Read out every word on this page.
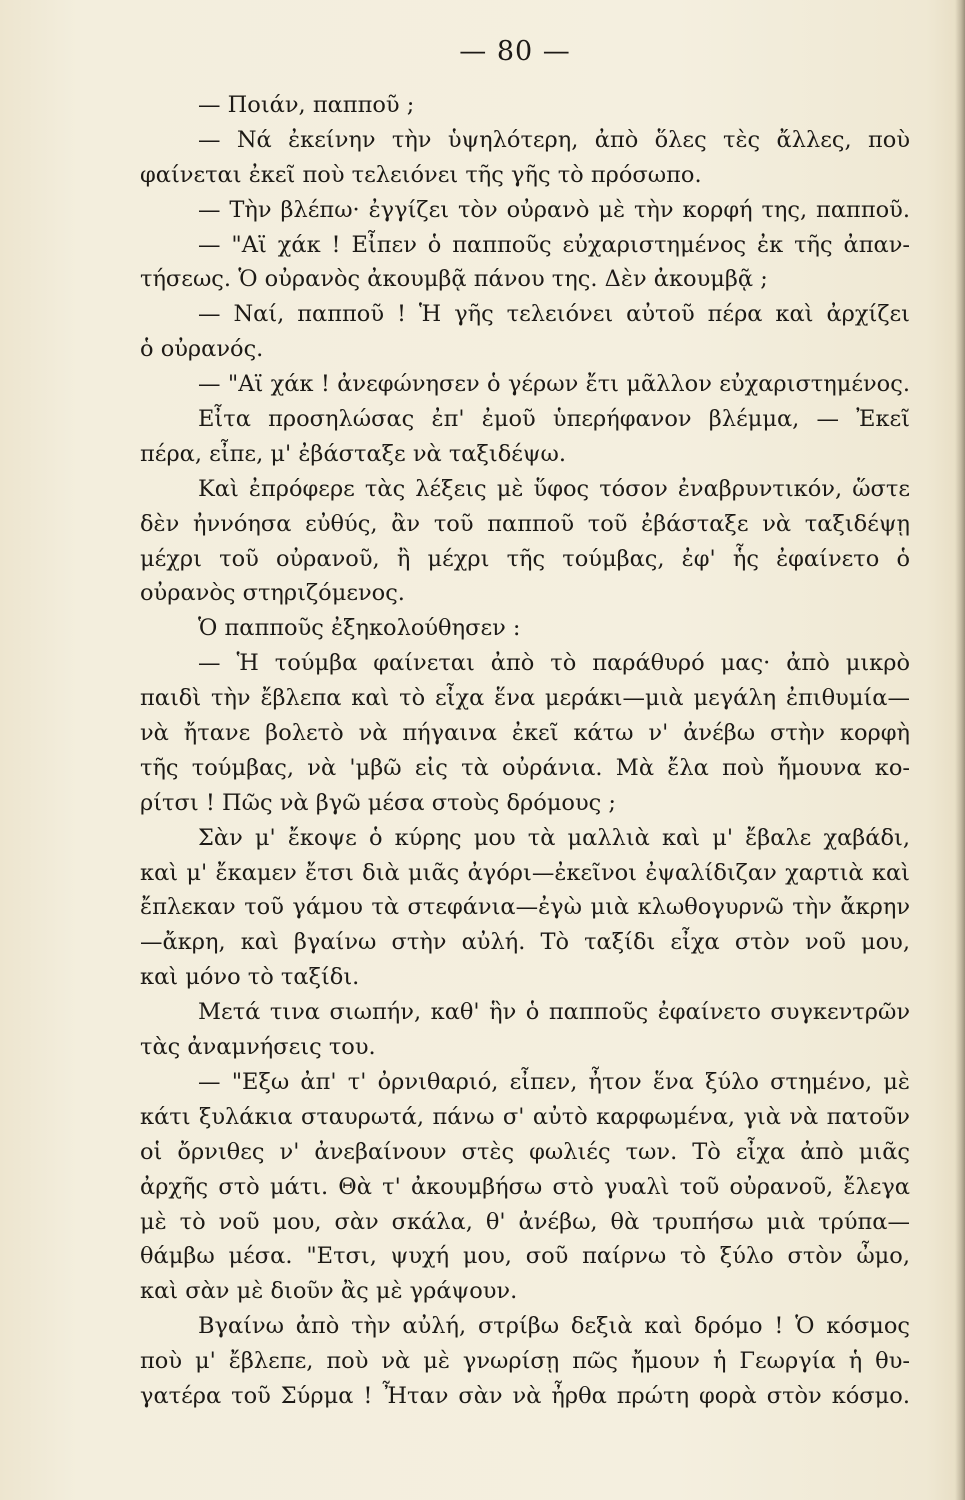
— 80 —
— Ποιάν, παπποῦ ;
— Νά ἐκείνην τὴν ὑψηλότερη, ἀπὸ ὅλες τὲς ἄλλες, ποὺ
φαίνεται ἐκεῖ ποὺ τελειόνει τῆς γῆς τὸ πρόσωπο.
— Τὴν βλέπω· ἐγγίζει τὸν οὐρανὸ μὲ τὴν κορφή της, παπποῦ.
— "Αϊ χάκ ! Εἶπεν ὁ παπποῦς εὐχαριστημένος ἐκ τῆς ἀπαν-
τήσεως. Ὁ οὐρανὸς ἀκουμβᾷ πάνου της. Δὲν ἀκουμβᾷ ;
— Ναί, παπποῦ ! Ἡ γῆς τελειόνει αὐτοῦ πέρα καὶ ἀρχίζει
ὁ οὐρανός.
— "Αϊ χάκ ! ἀνεφώνησεν ὁ γέρων ἔτι μᾶλλον εὐχαριστημένος.
Εἶτα προσηλώσας ἐπ' ἐμοῦ ὑπερήφανον βλέμμα, — Ἐκεῖ
πέρα, εἶπε, μ' ἐβάσταξε νὰ ταξιδέψω.
Καὶ ἐπρόφερε τὰς λέξεις μὲ ὕφος τόσον ἐναβρυντικόν, ὥστε
δὲν ἠννόησα εὐθύς, ἂν τοῦ παπποῦ τοῦ ἐβάσταξε νὰ ταξιδέψῃ
μέχρι τοῦ οὐρανοῦ, ἢ μέχρι τῆς τούμβας, ἐφ' ἧς ἐφαίνετο ὁ
οὐρανὸς στηριζόμενος.
Ὁ παπποῦς ἐξηκολούθησεν :
— Ἡ τούμβα φαίνεται ἀπὸ τὸ παράθυρό μας· ἀπὸ μικρὸ
παιδὶ τὴν ἔβλεπα καὶ τὸ εἶχα ἕνα μεράκι—μιὰ μεγάλη ἐπιθυμία—
νὰ ἤτανε βολετὸ νὰ πήγαινα ἐκεῖ κάτω ν' ἀνέβω στὴν κορφὴ
τῆς τούμβας, νὰ 'μβῶ εἰς τὰ οὐράνια. Μὰ ἔλα ποὺ ἤμουνα κο-
ρίτσι ! Πῶς νὰ βγῶ μέσα στοὺς δρόμους ;
Σὰν μ' ἔκοψε ὁ κύρης μου τὰ μαλλιὰ καὶ μ' ἔβαλε χαβάδι,
καὶ μ' ἔκαμεν ἔτσι διὰ μιᾶς ἀγόρι—ἐκεῖνοι ἐψαλίδιζαν χαρτιὰ καὶ
ἔπλεκαν τοῦ γάμου τὰ στεφάνια—ἐγὼ μιὰ κλωθογυρνῶ τὴν ἄκρην
—ἄκρη, καὶ βγαίνω στὴν αὐλή. Τὸ ταξίδι εἶχα στὸν νοῦ μου,
καὶ μόνο τὸ ταξίδι.
Μετά τινα σιωπήν, καθ' ἣν ὁ παπποῦς ἐφαίνετο συγκεντρῶν
τὰς ἀναμνήσεις του.
— "Εξω ἀπ' τ' ὀρνιθαριό, εἶπεν, ἦτον ἕνα ξύλο στημένο, μὲ
κάτι ξυλάκια σταυρωτά, πάνω σ' αὐτὸ καρφωμένα, γιὰ νὰ πατοῦν
οἱ ὄρνιθες ν' ἀνεβαίνουν στὲς φωλιές των. Τὸ εἶχα ἀπὸ μιᾶς
ἀρχῆς στὸ μάτι. Θὰ τ' ἀκουμβήσω στὸ γυαλὶ τοῦ οὐρανοῦ, ἔλεγα
μὲ τὸ νοῦ μου, σὰν σκάλα, θ' ἀνέβω, θὰ τρυπήσω μιὰ τρύπα—
θάμβω μέσα. "Ετσι, ψυχή μου, σοῦ παίρνω τὸ ξύλο στὸν ὦμο,
καὶ σὰν μὲ διοῦν ἂς μὲ γράψουν.
Βγαίνω ἀπὸ τὴν αὐλή, στρίβω δεξιὰ καὶ δρόμο ! Ὁ κόσμος
ποὺ μ' ἔβλεπε, ποὺ νὰ μὲ γνωρίσῃ πῶς ἤμουν ἡ Γεωργία ἡ θυ-
γατέρα τοῦ Σύρμα ! Ἦταν σὰν νὰ ἦρθα πρώτη φορὰ στὸν κόσμο.
